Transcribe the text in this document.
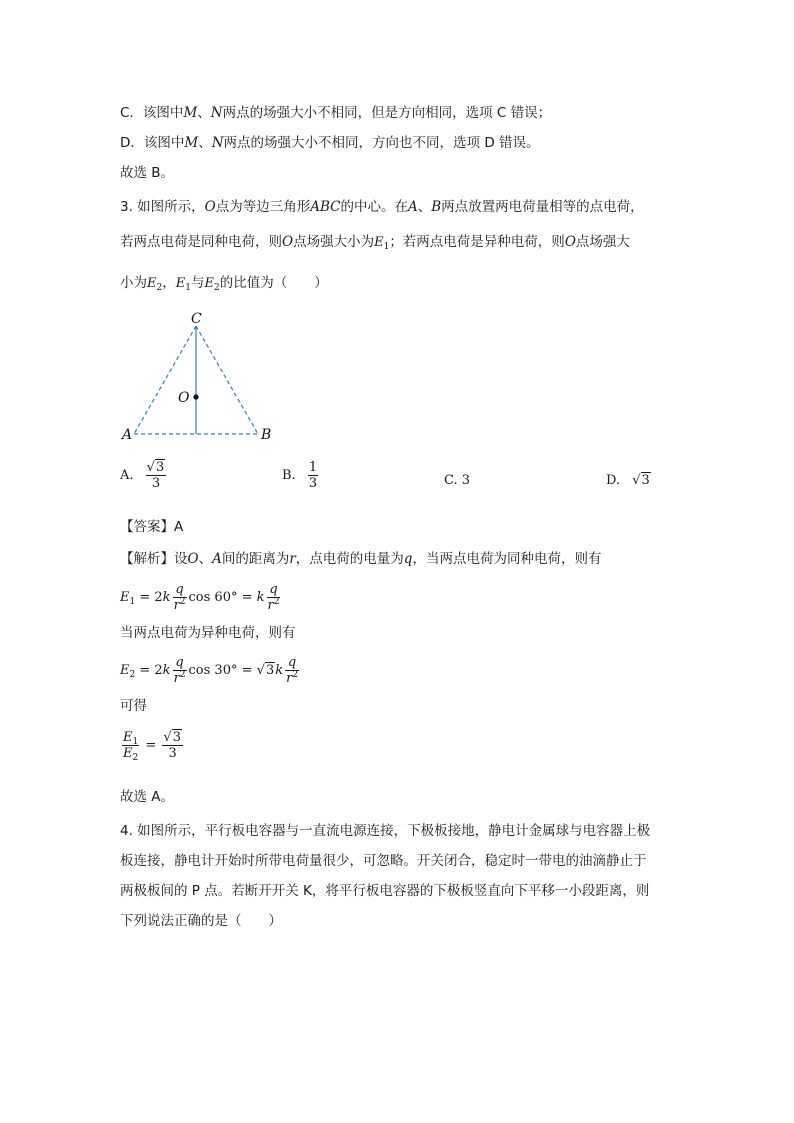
C．该图中M、N两点的场强大小不相同，但是方向相同，选项 C 错误；
D．该图中M、N两点的场强大小不相同，方向也不同，选项 D 错误。
故选 B。
3. 如图所示，O点为等边三角形ABC的中心。在A、B两点放置两电荷量相等的点电荷，
若两点电荷是同种电荷，则O点场强大小为$E_1$；若两点电荷是异种电荷，则O点场强大
小为$E_2$，$E_1$与$E_2$的比值为（　　）
C
O
A	B
A. $\frac{√3}{3}$	B. $\frac{1}{3}$	C. 3	D. √3
【答案】A
【解析】设O、A间的距离为r，点电荷的电量为q，当两点电荷为同种电荷，则有
$E_1 = 2k \frac{q}{r^2}$ cos 60° = k $\frac{q}{r^2}$
当两点电荷为异种电荷，则有
$E_2 = 2k \frac{q}{r^2}$ $\cos 30^\circ = √3k \frac{q}{r^2}$
可得
$\frac{E_1}{E_2} = \frac{√3}{3}$
故选 A。
4. 如图所示，平行板电容器与一直流电源连接，下极板接地，静电计金属球与电容器上极
板连接，静电计开始时所带电荷量很少，可忽略。开关闭合，稳定时一带电的油滴静止于
两极板间的 P 点。若断开开关 K，将平行板电容器的下极板竖直向下平移一小段距离，则
下列说法正确的是（　　）
